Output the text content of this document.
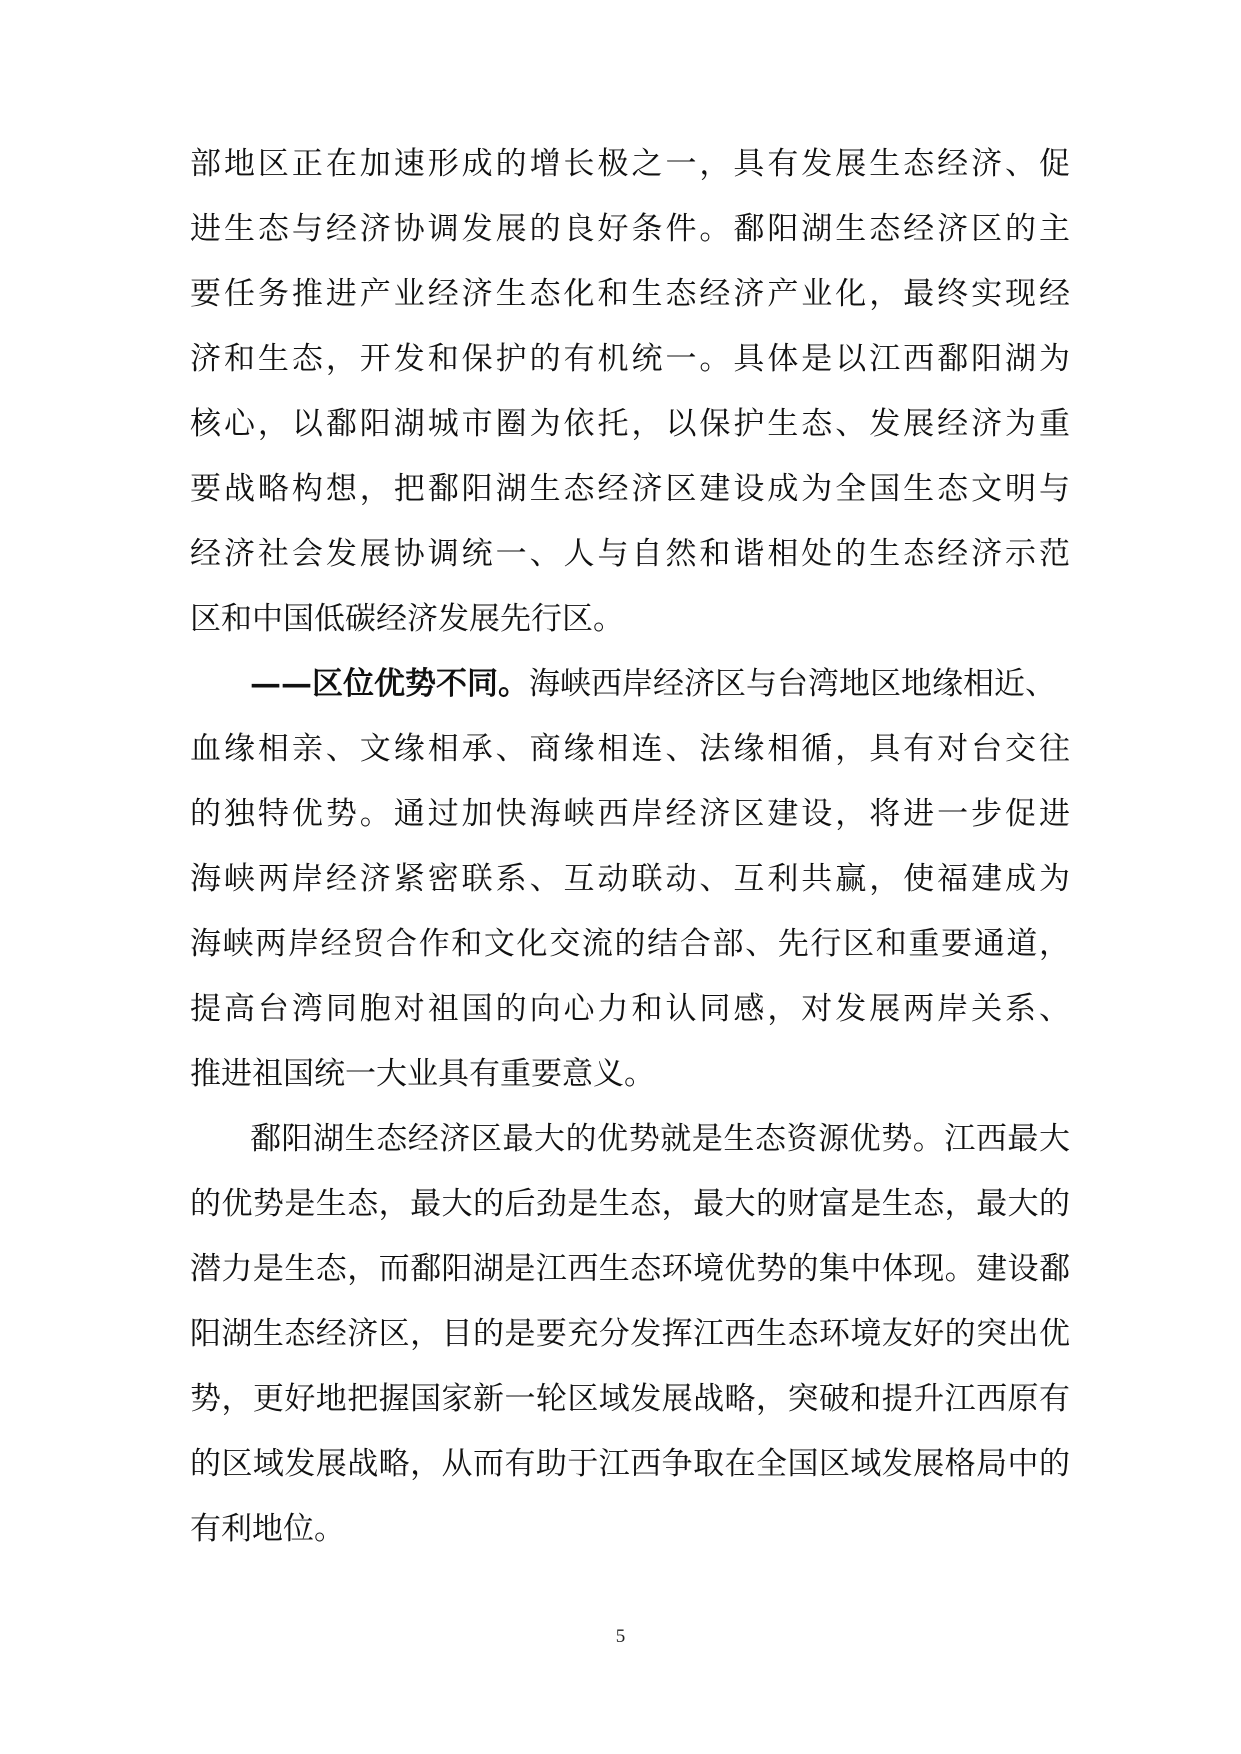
部地区正在加速形成的增长极之一，具有发展生态经济、促
进生态与经济协调发展的良好条件。鄱阳湖生态经济区的主
要任务推进产业经济生态化和生态经济产业化，最终实现经
济和生态，开发和保护的有机统一。具体是以江西鄱阳湖为
核心，以鄱阳湖城市圈为依托，以保护生态、发展经济为重
要战略构想，把鄱阳湖生态经济区建设成为全国生态文明与
经济社会发展协调统一、人与自然和谐相处的生态经济示范
区和中国低碳经济发展先行区。
——区位优势不同。海峡西岸经济区与台湾地区地缘相近、
血缘相亲、文缘相承、商缘相连、法缘相循，具有对台交往
的独特优势。通过加快海峡西岸经济区建设，将进一步促进
海峡两岸经济紧密联系、互动联动、互利共赢，使福建成为
海峡两岸经贸合作和文化交流的结合部、先行区和重要通道，
提高台湾同胞对祖国的向心力和认同感，对发展两岸关系、
推进祖国统一大业具有重要意义。
鄱阳湖生态经济区最大的优势就是生态资源优势。江西最大
的优势是生态，最大的后劲是生态，最大的财富是生态，最大的
潜力是生态，而鄱阳湖是江西生态环境优势的集中体现。建设鄱
阳湖生态经济区，目的是要充分发挥江西生态环境友好的突出优
势，更好地把握国家新一轮区域发展战略，突破和提升江西原有
的区域发展战略，从而有助于江西争取在全国区域发展格局中的
有利地位。
5
